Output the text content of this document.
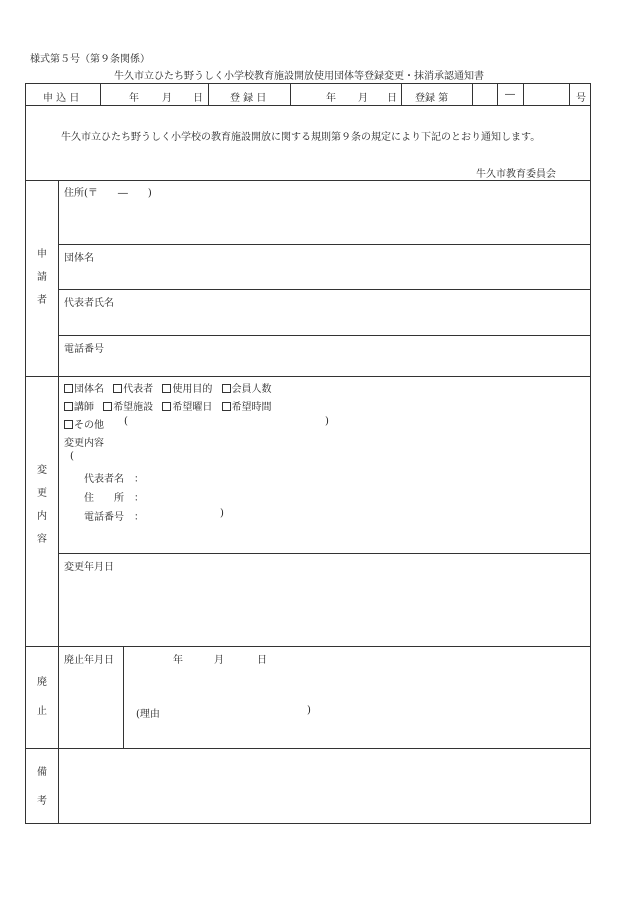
様式第５号（第９条関係）
牛久市立ひたち野うしく小学校教育施設開放使用団体等登録変更・抹消承認通知書
申 込 日	年 月 日	登 録 日	年 月 日 登録 第	―	号
牛久市立ひたち野うしく小学校の教育施設開放に関する規則第９条の規定により下記のとおり通知します。
牛久市教育委員会
申
請
者
住所(〒　　―　　)
団体名
代表者氏名
電話番号
変
更
内
容
団体名 代表者 使用目的 会員人数
講師 希望施設 希望曜日 希望時間
その他 (	)
変更内容
(
代表者名　：
住　　所　：
電話番号　：	)
変更年月日
廃
止
廃止年月日	年	月	日
(理由	)
備
考
